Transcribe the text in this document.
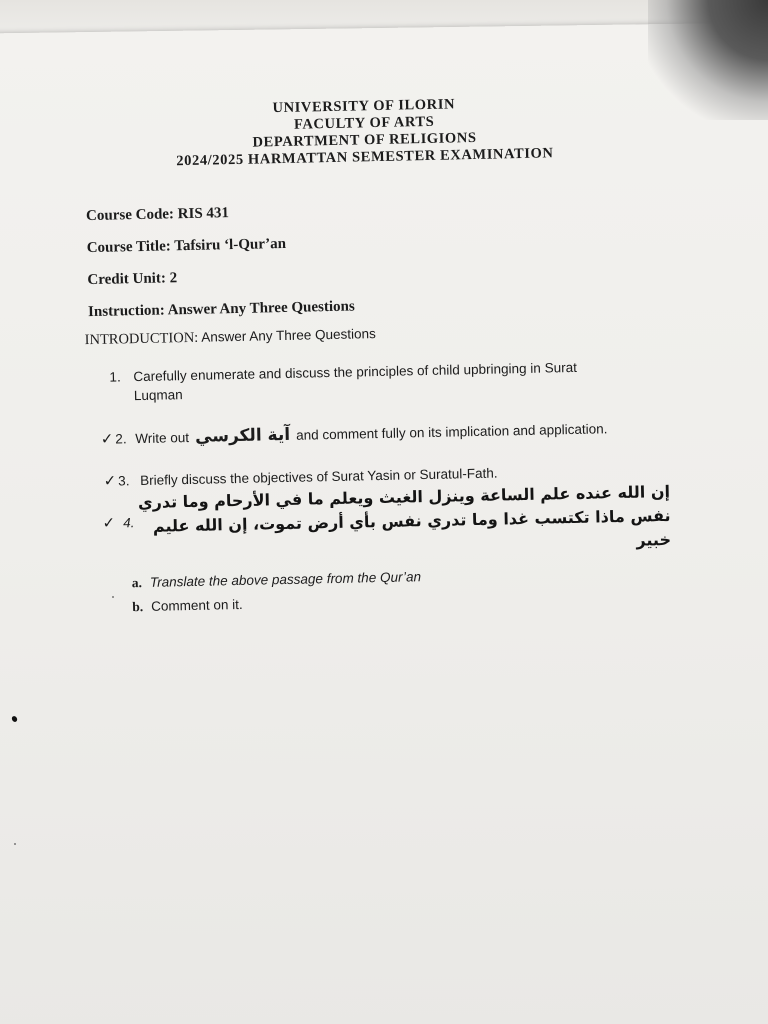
UNIVERSITY OF ILORIN
FACULTY OF ARTS
DEPARTMENT OF RELIGIONS
2024/2025 HARMATTAN SEMESTER EXAMINATION
Course Code: RIS 431
Course Title: Tafsiru ‘l-Qur’an
Credit Unit: 2
Instruction: Answer Any Three Questions
INTRODUCTION: Answer Any Three Questions
1. Carefully enumerate and discuss the principles of child upbringing in Surat
Luqman
✓ 2. Write out آية الكرسي and comment fully on its implication and application.
✓ 3. Briefly discuss the objectives of Surat Yasin or Suratul-Fath.
✓ 4.
إن الله عنده علم الساعة وينزل الغيث ويعلم ما في الأرحام وما تدري
نفس ماذا تكتسب غدا وما تدري نفس بأي أرض تموت، إن الله عليم
خبير
a. Translate the above passage from the Qur’an
b. Comment on it.
